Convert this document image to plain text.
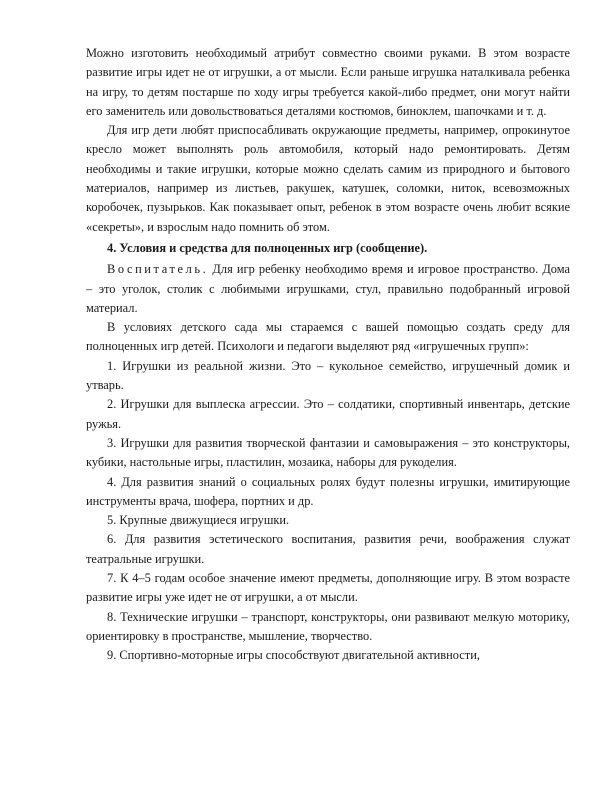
Можно изготовить необходимый атрибут совместно своими руками. В этом возрасте развитие игры идет не от игрушки, а от мысли. Если раньше игрушка наталкивала ребенка на игру, то детям постарше по ходу игры требуется какой-либо предмет, они могут найти его заменитель или довольствоваться деталями костюмов, биноклем, шапочками и т. д.

Для игр дети любят приспосабливать окружающие предметы, например, опрокинутое кресло может выполнять роль автомобиля, который надо ремонтировать. Детям необходимы и такие игрушки, которые можно сделать самим из природного и бытового материалов, например из листьев, ракушек, катушек, соломки, ниток, всевозможных коробочек, пузырьков. Как показывает опыт, ребенок в этом возрасте очень любит всякие «секреты», и взрослым надо помнить об этом.

4. Условия и средства для полноценных игр (сообщение).

Воспитатель. Для игр ребенку необходимо время и игровое пространство. Дома – это уголок, столик с любимыми игрушками, стул, правильно подобранный игровой материал.

В условиях детского сада мы стараемся с вашей помощью создать среду для полноценных игр детей. Психологи и педагоги выделяют ряд «игрушечных групп»:

1. Игрушки из реальной жизни. Это – кукольное семейство, игрушечный домик и утварь.

2. Игрушки для выплеска агрессии. Это – солдатики, спортивный инвентарь, детские ружья.

3. Игрушки для развития творческой фантазии и самовыражения – это конструкторы, кубики, настольные игры, пластилин, мозаика, наборы для рукоделия.

4. Для развития знаний о социальных ролях будут полезны игрушки, имитирующие инструменты врача, шофера, портних и др.

5. Крупные движущиеся игрушки.

6. Для развития эстетического воспитания, развития речи, воображения служат театральные игрушки.

7. К 4–5 годам особое значение имеют предметы, дополняющие игру. В этом возрасте развитие игры уже идет не от игрушки, а от мысли.

8. Технические игрушки – транспорт, конструкторы, они развивают мелкую моторику, ориентировку в пространстве, мышление, творчество.

9. Спортивно-моторные игры способствуют двигательной активности,
